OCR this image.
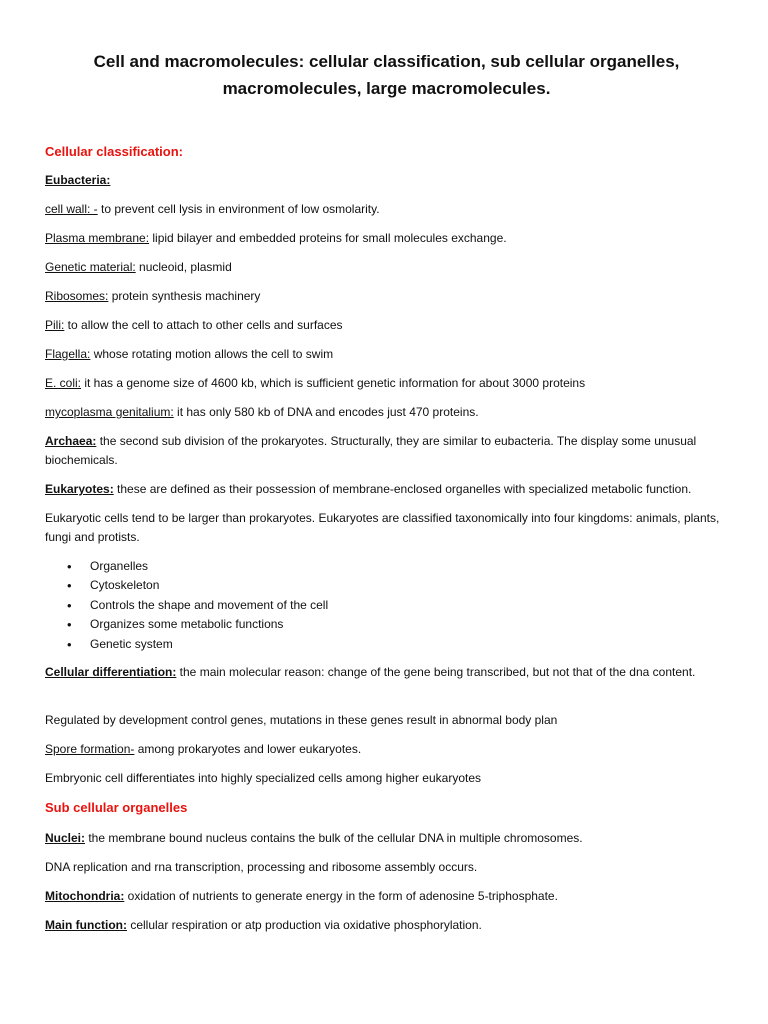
Cell and macromolecules: cellular classification, sub cellular organelles, macromolecules, large macromolecules.

Cellular classification:

Eubacteria:

cell wall: - to prevent cell lysis in environment of low osmolarity.

Plasma membrane: lipid bilayer and embedded proteins for small molecules exchange.

Genetic material: nucleoid, plasmid

Ribosomes: protein synthesis machinery

Pili: to allow the cell to attach to other cells and surfaces

Flagella: whose rotating motion allows the cell to swim

E. coli: it has a genome size of 4600 kb, which is sufficient genetic information for about 3000 proteins

mycoplasma genitalium: it has only 580 kb of DNA and encodes just 470 proteins.

Archaea: the second sub division of the prokaryotes. Structurally, they are similar to eubacteria. The display some unusual biochemicals.

Eukaryotes: these are defined as their possession of membrane-enclosed organelles with specialized metabolic function.

Eukaryotic cells tend to be larger than prokaryotes. Eukaryotes are classified taxonomically into four kingdoms: animals, plants, fungi and protists.

• Organelles
• Cytoskeleton
• Controls the shape and movement of the cell
• Organizes some metabolic functions
• Genetic system

Cellular differentiation: the main molecular reason: change of the gene being transcribed, but not that of the dna content.

Regulated by development control genes, mutations in these genes result in abnormal body plan

Spore formation- among prokaryotes and lower eukaryotes.

Embryonic cell differentiates into highly specialized cells among higher eukaryotes

Sub cellular organelles

Nuclei: the membrane bound nucleus contains the bulk of the cellular DNA in multiple chromosomes.

DNA replication and rna transcription, processing and ribosome assembly occurs.

Mitochondria: oxidation of nutrients to generate energy in the form of adenosine 5-triphosphate.

Main function: cellular respiration or atp production via oxidative phosphorylation.
